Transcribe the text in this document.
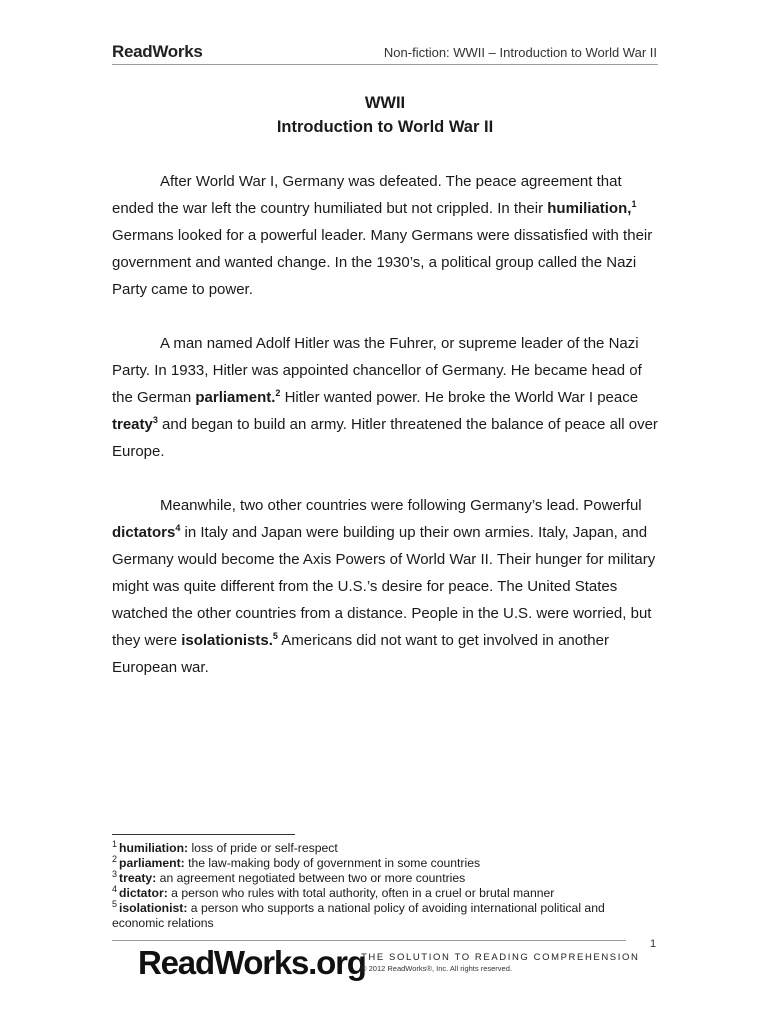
ReadWorks	Non-fiction: WWII – Introduction to World War II
WWII
Introduction to World War II

After World War I, Germany was defeated. The peace agreement that ended the war left the country humiliated but not crippled. In their humiliation,$^1$ Germans looked for a powerful leader. Many Germans were dissatisfied with their government and wanted change. In the 1930’s, a political group called the Nazi Party came to power.

A man named Adolf Hitler was the Fuhrer, or supreme leader of the Nazi Party. In 1933, Hitler was appointed chancellor of Germany. He became head of the German parliament.$^2$ Hitler wanted power. He broke the World War I peace treaty$^3$ and began to build an army. Hitler threatened the balance of peace all over Europe.

Meanwhile, two other countries were following Germany’s lead. Powerful dictators$^4$ in Italy and Japan were building up their own armies. Italy, Japan, and Germany would become the Axis Powers of World War II. Their hunger for military might was quite different from the U.S.’s desire for peace. The United States watched the other countries from a distance. People in the U.S. were worried, but they were isolationists.$^5$ Americans did not want to get involved in another European war.

$^1$ humiliation: loss of pride or self-respect

$^2$ parliament: the law-making body of government in some countries

$^3$ treaty: an agreement negotiated between two or more countries

$^4$ dictator: a person who rules with total authority, often in a cruel or brutal manner

$^5$ isolationist: a person who supports a national policy of avoiding international political and economic relations

1
ReadWorks.org
THE SOLUTION TO READING COMPREHENSION
© 2012 ReadWorks®, Inc. All rights reserved.
